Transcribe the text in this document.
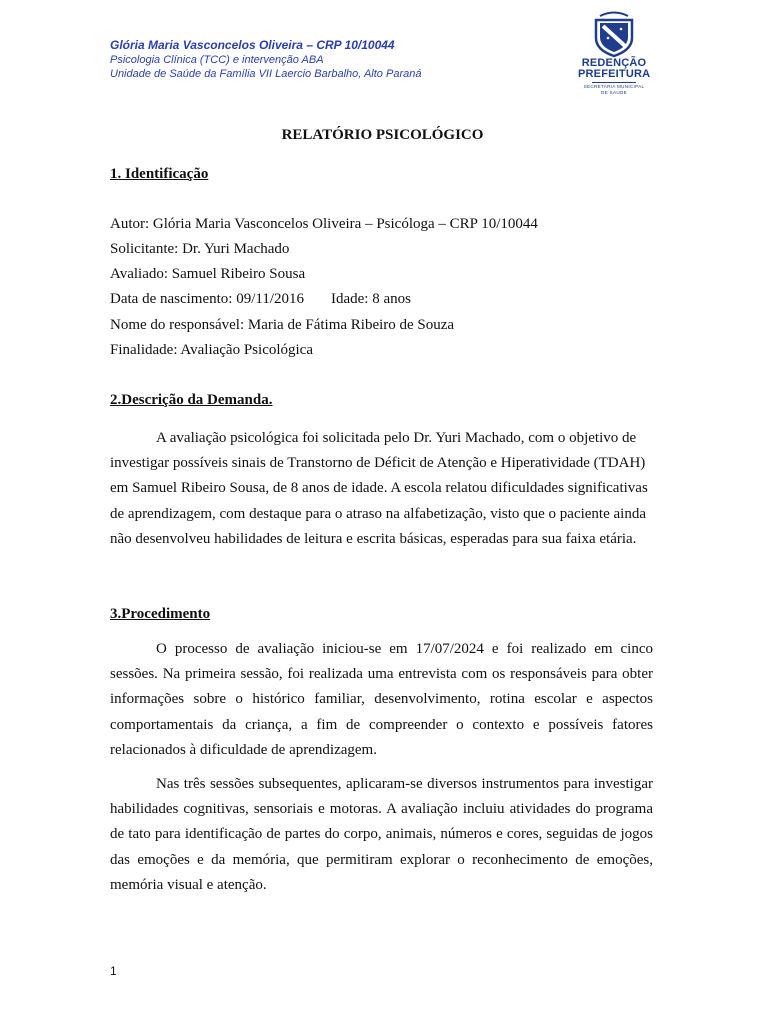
Glória Maria Vasconcelos Oliveira – CRP 10/10044
Psicologia Clínica (TCC) e intervenção ABA
Unidade de Saúde da Família VII Laercio Barbalho, Alto Paraná
REDENÇÃO
PREFEITURA
SECRETARIA MUNICIPAL
DE SAÚDE
RELATÓRIO PSICOLÓGICO
1. Identificação
Autor: Glória Maria Vasconcelos Oliveira – Psicóloga – CRP 10/10044
Solicitante: Dr. Yuri Machado
Avaliado: Samuel Ribeiro Sousa
Data de nascimento: 09/11/2016 Idade: 8 anos
Nome do responsável: Maria de Fátima Ribeiro de Souza
Finalidade: Avaliação Psicológica
2.Descrição da Demanda.

A avaliação psicológica foi solicitada pelo Dr. Yuri Machado, com o objetivo de investigar possíveis sinais de Transtorno de Déficit de Atenção e Hiperatividade (TDAH) em Samuel Ribeiro Sousa, de 8 anos de idade. A escola relatou dificuldades significativas de aprendizagem, com destaque para o atraso na alfabetização, visto que o paciente ainda não desenvolveu habilidades de leitura e escrita básicas, esperadas para sua faixa etária.

3.Procedimento

O processo de avaliação iniciou-se em 17/07/2024 e foi realizado em cinco sessões. Na primeira sessão, foi realizada uma entrevista com os responsáveis para obter informações sobre o histórico familiar, desenvolvimento, rotina escolar e aspectos comportamentais da criança, a fim de compreender o contexto e possíveis fatores relacionados à dificuldade de aprendizagem.

Nas três sessões subsequentes, aplicaram-se diversos instrumentos para investigar habilidades cognitivas, sensoriais e motoras. A avaliação incluiu atividades do programa de tato para identificação de partes do corpo, animais, números e cores, seguidas de jogos das emoções e da memória, que permitiram explorar o reconhecimento de emoções, memória visual e atenção.

1
